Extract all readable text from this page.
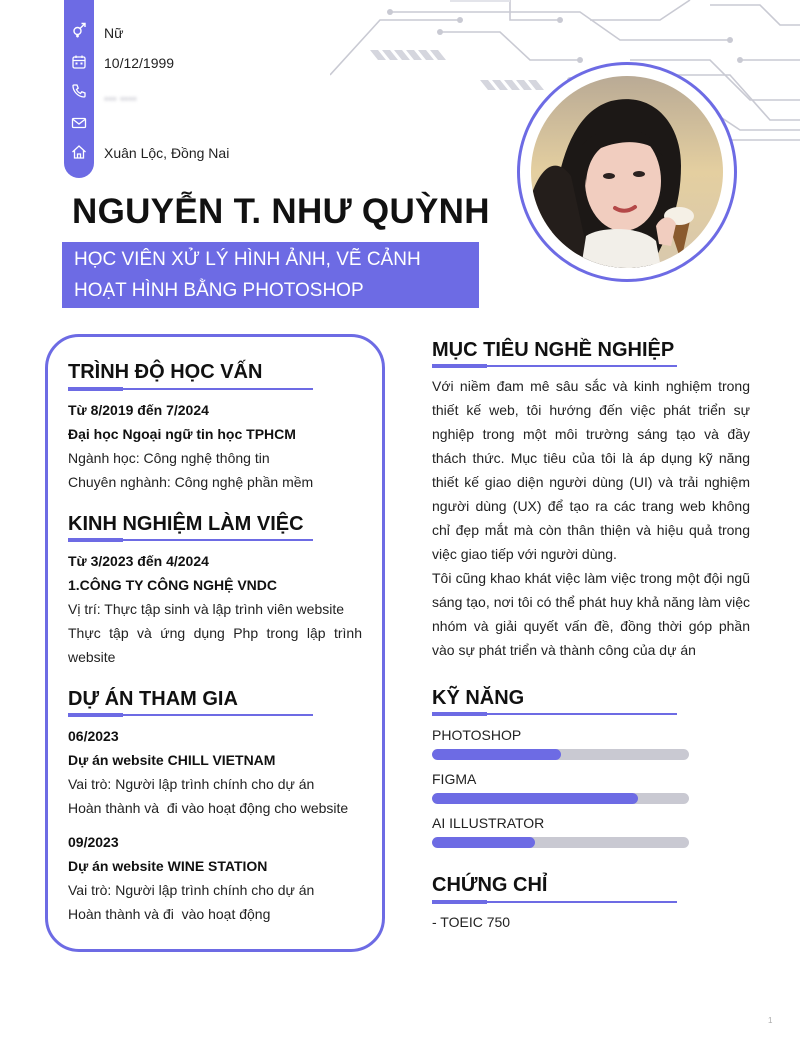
Nữ
10/12/1999
••• ••••
Xuân Lộc, Đồng Nai
NGUYỄN T. NHƯ QUỲNH
HỌC VIÊN XỬ LÝ HÌNH ẢNH, VẼ CẢNH
HOẠT HÌNH BẰNG PHOTOSHOP
TRÌNH ĐỘ HỌC VẤN
Từ 8/2019 đến 7/2024
Đại học Ngoại ngữ tin học TPHCM
Ngành học: Công nghệ thông tin
Chuyên nghành: Công nghệ phần mềm
KINH NGHIỆM LÀM VIỆC
Từ 3/2023 đến 4/2024
1.CÔNG TY CÔNG NGHỆ VNDC
Vị trí: Thực tập sinh và lập trình viên website
Thực tập và ứng dụng Php trong lập trình
website
DỰ ÁN THAM GIA
06/2023
Dự án website CHILL VIETNAM
Vai trò: Người lập trình chính cho dự án
Hoàn thành và  đi vào hoạt động cho website
09/2023
Dự án website WINE STATION
Vai trò: Người lập trình chính cho dự án
Hoàn thành và đi  vào hoạt động
MỤC TIÊU NGHỀ NGHIỆP
Với niềm đam mê sâu sắc và kinh nghiệm trong thiết kế web, tôi hướng đến việc phát triển sự nghiệp trong một môi trường sáng tạo và đầy thách thức. Mục tiêu của tôi là áp dụng kỹ năng thiết kế giao diện người dùng (UI) và trải nghiệm người dùng (UX) để tạo ra các trang web không chỉ đẹp mắt mà còn thân thiện và hiệu quả trong việc giao tiếp với người dùng.
Tôi cũng khao khát việc làm việc trong một đội ngũ sáng tạo, nơi tôi có thể phát huy khả năng làm việc nhóm và giải quyết vấn đề, đồng thời góp phần vào sự phát triển và thành công của dự án
KỸ NĂNG
PHOTOSHOP
FIGMA
AI ILLUSTRATOR
CHỨNG CHỈ
- TOEIC 750
1
